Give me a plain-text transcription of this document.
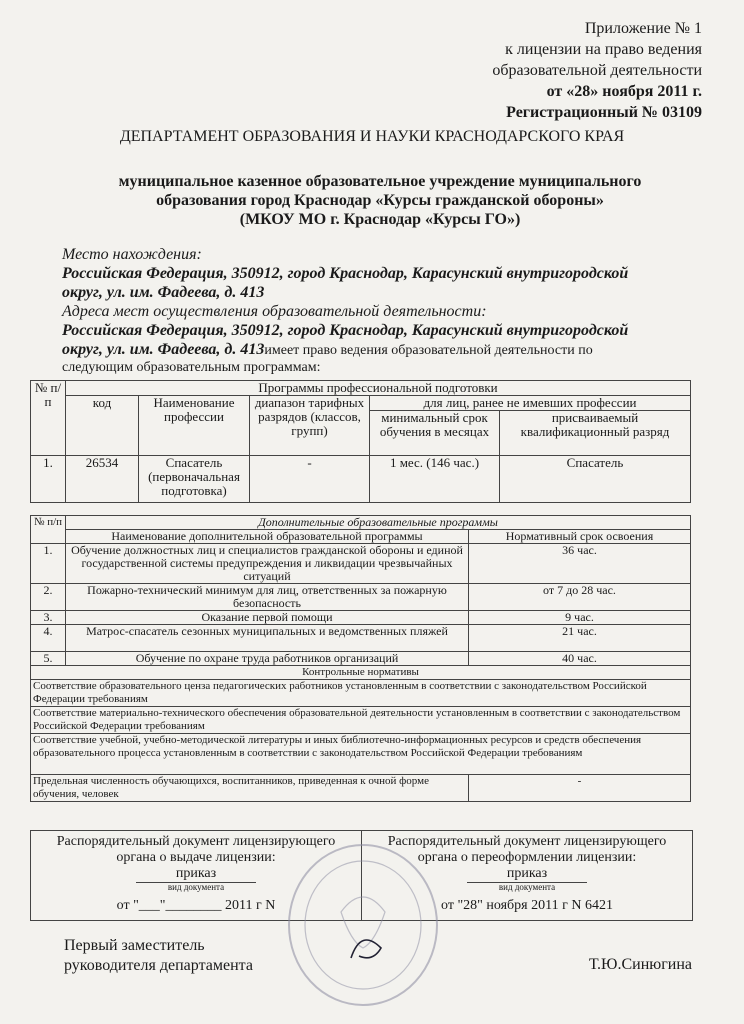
Приложение № 1
к лицензии на право ведения
образовательной деятельности
от «28» ноября 2011 г.
Регистрационный № 03109
ДЕПАРТАМЕНТ ОБРАЗОВАНИЯ И НАУКИ КРАСНОДАРСКОГО КРАЯ
муниципальное казенное образовательное учреждение муниципального
образования город Краснодар «Курсы гражданской обороны»
(МКОУ МО г. Краснодар «Курсы ГО»)
Место нахождения:
Российская Федерация, 350912, город Краснодар, Карасунский внутригородской
округ, ул. им. Фадеева, д. 413
Адреса мест осуществления образовательной деятельности:
Российская Федерация, 350912, город Краснодар, Карасунский внутригородской
округ, ул. им. Фадеева, д. 413имеет право ведения образовательной деятельности по
следующим образовательным программам:
№ п/п	Программы профессиональной подготовки				
	код	Наименование профессии	диапазон тарифных разрядов (классов, групп)	для лиц, ранее не имевших профессии	
				минимальный срок обучения в месяцах	присваиваемый квалификационный разряд
1.	26534	Спасатель (первоначальная подготовка)	-	1 мес. (146 час.)	Спасатель
№ п/п	Дополнительные образовательные программы	
	Наименование дополнительной образовательной программы	Нормативный срок освоения
1.	Обучение должностных лиц и специалистов гражданской обороны и единой государственной системы предупреждения и ликвидации чрезвычайных ситуаций	36 час.
2.	Пожарно-технический минимум для лиц, ответственных за пожарную безопасность	от 7 до 28 час.
3.	Оказание первой помощи	9 час.
4.	Матрос-спасатель сезонных муниципальных и ведомственных пляжей	21 час.
5.	Обучение по охране труда работников организаций	40 час.
Контрольные нормативы		
Соответствие образовательного ценза педагогических работников установленным в соответствии с законодательством Российской Федерации требованиям		
Соответствие материально-технического обеспечения образовательной деятельности установленным в соответствии с законодательством Российской Федерации требованиям		
Соответствие учебной, учебно-методической литературы и иных библиотечно-информационных ресурсов и средств обеспечения образовательного процесса установленным в соответствии с законодательством Российской Федерации требованиям		
Предельная численность обучающихся, воспитанников, приведенная к очной форме обучения, человек		-
Распорядительный документ лицензирующего органа о выдаче лицензии:
приказ
вид документа
от "___"________ 2011 г N
Распорядительный документ лицензирующего органа о переоформлении лицензии:
приказ
вид документа
от "28" ноября 2011 г N 6421
Первый заместитель
руководителя департамента	Т.Ю.Синюгина
